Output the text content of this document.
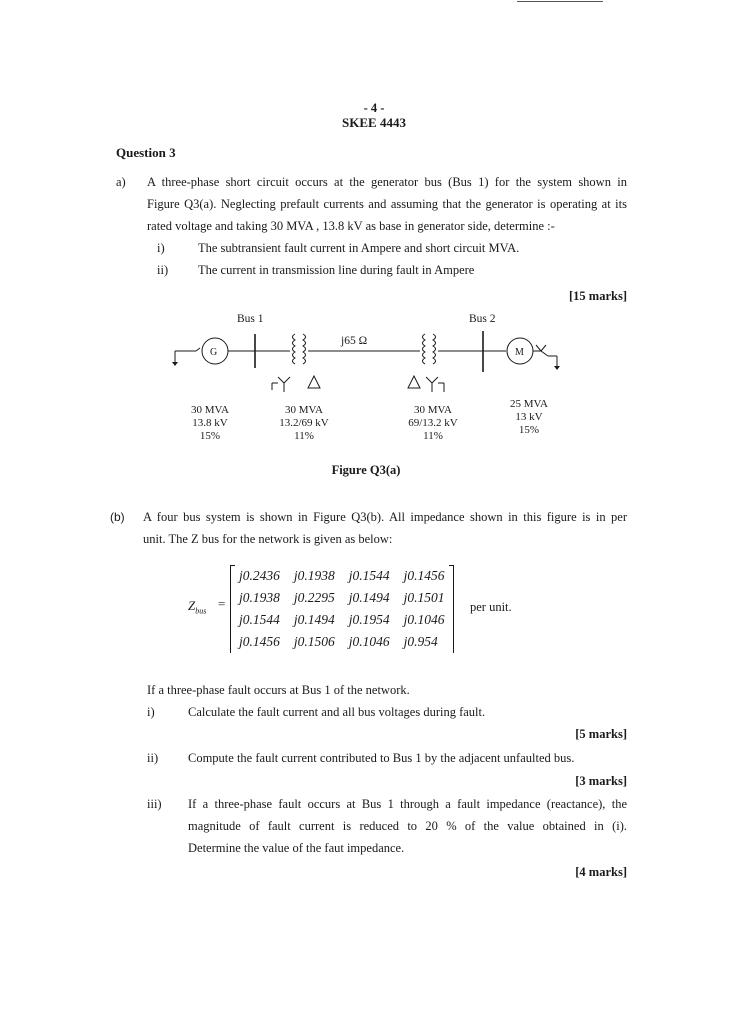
- 4 -
SKEE 4443
Question 3
a) A three-phase short circuit occurs at the generator bus (Bus 1) for the system shown in
Figure Q3(a). Neglecting prefault currents and assuming that the generator is operating at its
rated voltage and taking 30 MVA , 13.8 kV as base in generator side, determine :-
i)	The subtransient fault current in Ampere and short circuit MVA.
ii) The current in transmission line during fault in Ampere
[15 marks]
Bus 1	Bus 2
j65 Ω
G	M
30 MVA
13.8 kV
15%
30 MVA
13.2/69 kV
11%
30 MVA
69/13.2 kV
11%
25 MVA
13 kV
15%
Figure Q3(a)
(b) A four bus system is shown in Figure Q3(b). All impedance shown in this figure is in per
unit. The Z bus for the network is given as below:
$Z_{bus}$
=
j0.2436	j0.1938	j0.1544	j0.1456
j0.1938	j0.2295	j0.1494	j0.1501
j0.1544	j0.1494	j0.1954	j0.1046
j0.1456	j0.1506	j0.1046	j0.954
per unit.
If a three-phase fault occurs at Bus 1 of the network.
i)	Calculate the fault current and all bus voltages during fault.
[5 marks]
ii) Compute the fault current contributed to Bus 1 by the adjacent unfaulted bus.
[3 marks]
iii) If a three-phase fault occurs at Bus 1 through a fault impedance (reactance), the
magnitude of fault current is reduced to 20 % of the value obtained in (i).
Determine the value of the faut impedance.
[4 marks]
